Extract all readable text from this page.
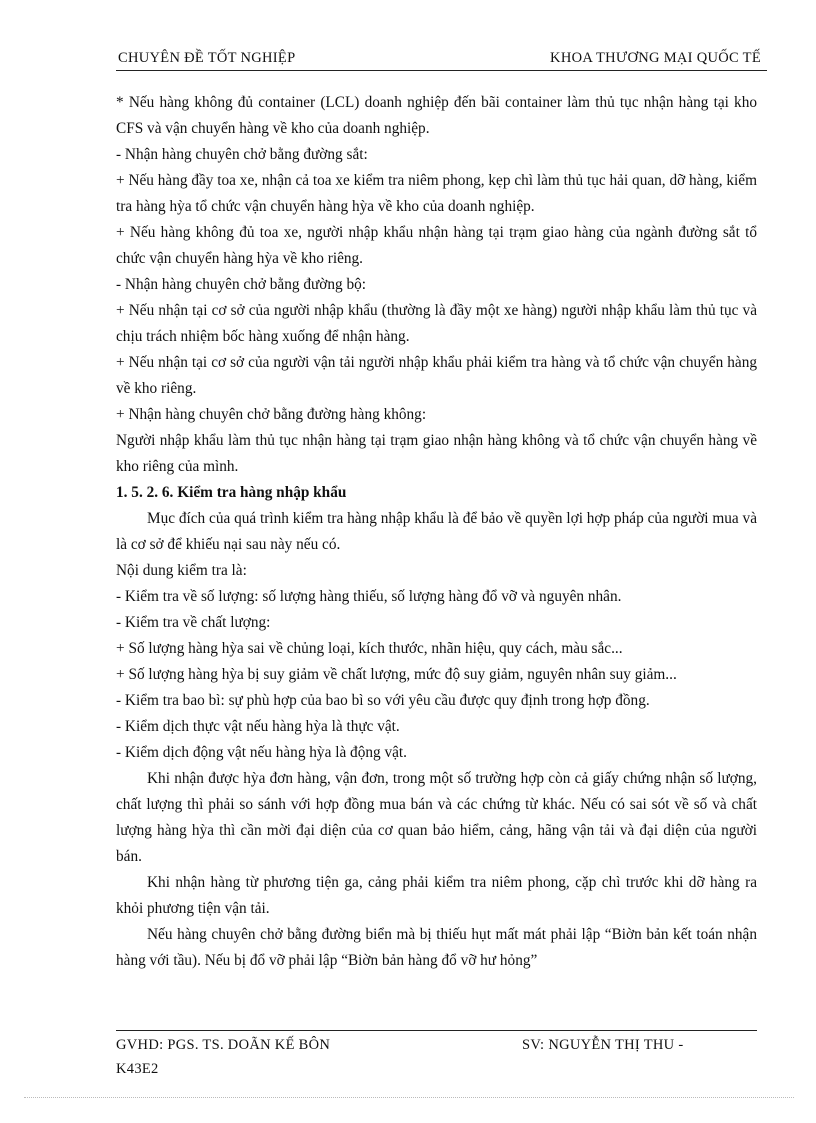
CHUYÊN ĐỀ TỐT NGHIỆP	KHOA THƯƠNG MẠI QUỐC TẾ

* Nếu hàng không đủ container (LCL) doanh nghiệp đến bãi container làm thủ tục nhận hàng tại kho CFS và vận chuyển hàng về kho của doanh nghiệp.

- Nhận hàng chuyên chở bằng đường sắt:

+ Nếu hàng đầy toa xe, nhận cả toa xe kiểm tra niêm phong, kẹp chì làm thủ tục hải quan, dỡ hàng, kiểm tra hàng hỳa tổ chức vận chuyển hàng hỳa về kho của doanh nghiệp.

+ Nếu hàng không đủ toa xe, người nhập khẩu nhận hàng tại trạm giao hàng của ngành đường sắt tổ chức vận chuyển hàng hỳa về kho riêng.

- Nhận hàng chuyên chở bằng đường bộ:

+ Nếu nhận tại cơ sở của người nhập khẩu (thường là đầy một xe hàng) người nhập khẩu làm thủ tục và chịu trách nhiệm bốc hàng xuống để nhận hàng.

+ Nếu nhận tại cơ sở của người vận tải người nhập khẩu phải kiểm tra hàng và tổ chức vận chuyển hàng về kho riêng.

+ Nhận hàng chuyên chở bằng đường hàng không:

Người nhập khẩu làm thủ tục nhận hàng tại trạm giao nhận hàng không và tổ chức vận chuyển hàng về kho riêng của mình.

1. 5. 2. 6. Kiểm tra hàng nhập khẩu

Mục đích của quá trình kiểm tra hàng nhập khẩu là để bảo về quyền lợi hợp pháp của người mua và là cơ sở để khiếu nại sau này nếu có.

Nội dung kiểm tra là:

- Kiểm tra về số lượng: số lượng hàng thiếu, số lượng hàng đổ vỡ và nguyên nhân.

- Kiểm tra về chất lượng:

+ Số lượng hàng hỳa sai về chủng loại, kích thước, nhãn hiệu, quy cách, màu sắc...

+ Số lượng hàng hỳa bị suy giảm về chất lượng, mức độ suy giảm, nguyên nhân suy giảm...

- Kiểm tra bao bì: sự phù hợp của bao bì so với yêu cầu được quy định trong hợp đồng.

- Kiểm dịch thực vật nếu hàng hỳa là thực vật.

- Kiểm dịch động vật nếu hàng hỳa là động vật.

Khi nhận được hỳa đơn hàng, vận đơn, trong một số trường hợp còn cả giấy chứng nhận số lượng, chất lượng thì phải so sánh với hợp đồng mua bán và các chứng từ khác. Nếu có sai sót về số và chất lượng hàng hỳa thì cần mời đại diện của cơ quan bảo hiểm, cảng, hãng vận tải và đại diện của người bán.

Khi nhận hàng từ phương tiện ga, cảng phải kiểm tra niêm phong, cặp chì trước khi dỡ hàng ra khỏi phương tiện vận tải.

Nếu hàng chuyên chở bằng đường biển mà bị thiếu hụt mất mát phải lập “Biờn bản kết toán nhận hàng với tầu). Nếu bị đổ vỡ phải lập “Biờn bản hàng đổ vỡ hư hỏng”

GVHD: PGS. TS. DOÃN KẾ BÔN	SV: NGUYỄN THỊ THU -
K43E2
